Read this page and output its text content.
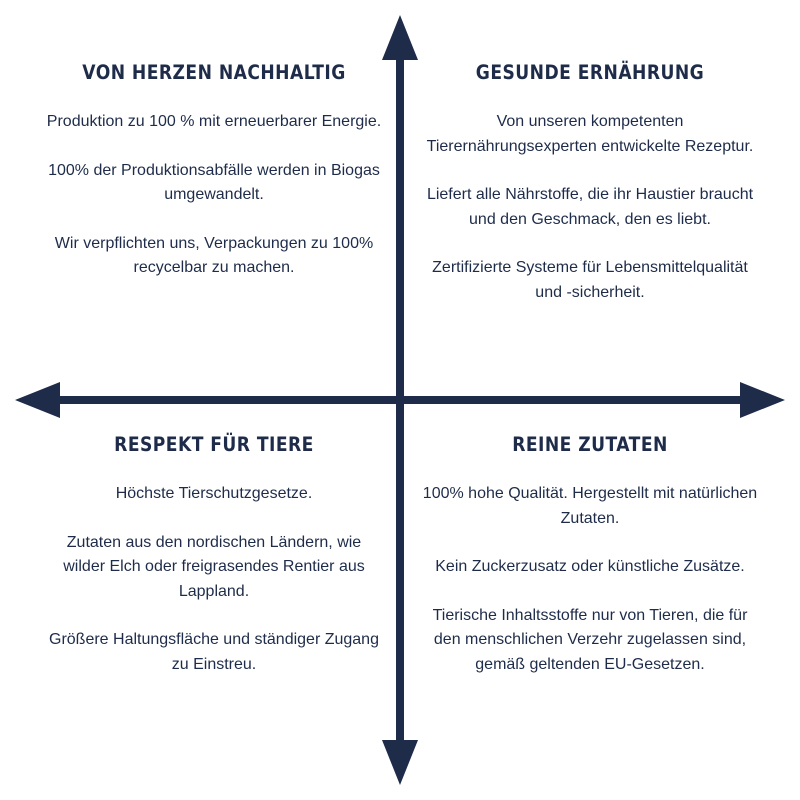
VON HERZEN NACHHALTIG

Produktion zu 100 % mit erneuerbarer Energie.

100% der Produktionsabfälle werden in Biogas umgewandelt.

Wir verpflichten uns, Verpackungen zu 100% recycelbar zu machen.

GESUNDE ERNÄHRUNG

Von unseren kompetenten Tierernährungsexperten entwickelte Rezeptur.

Liefert alle Nährstoffe, die ihr Haustier braucht und den Geschmack, den es liebt.

Zertifizierte Systeme für Lebensmittelqualität und -sicherheit.

RESPEKT FÜR TIERE

Höchste Tierschutzgesetze.

Zutaten aus den nordischen Ländern, wie wilder Elch oder freigrasendes Rentier aus Lappland.

Größere Haltungsfläche und ständiger Zugang zu Einstreu.

REINE ZUTATEN

100% hohe Qualität. Hergestellt mit natürlichen Zutaten.

Kein Zuckerzusatz oder künstliche Zusätze.

Tierische Inhaltsstoffe nur von Tieren, die für den menschlichen Verzehr zugelassen sind, gemäß geltenden EU-Gesetzen.
